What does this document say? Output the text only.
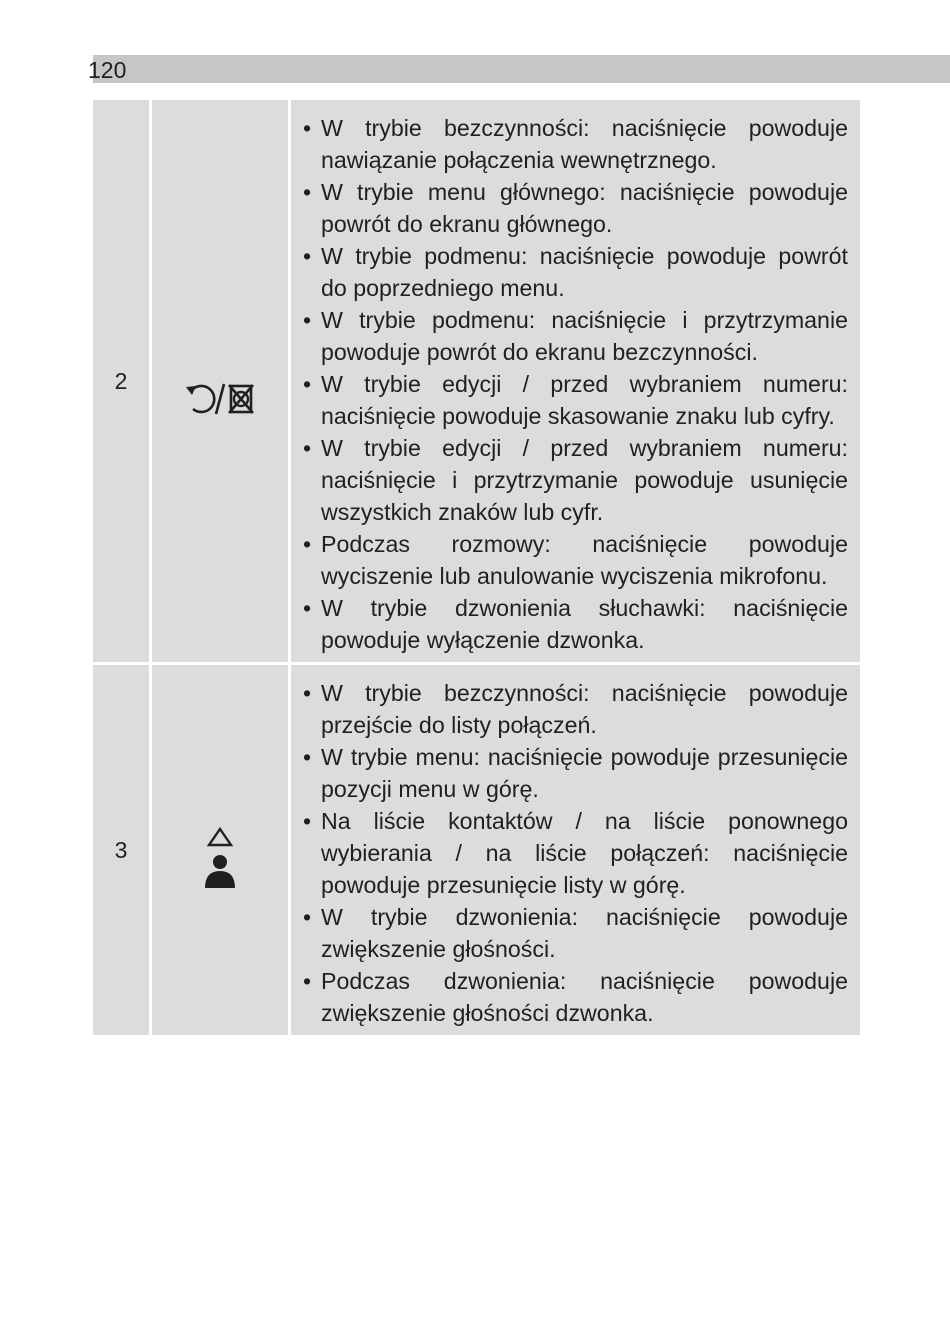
120
2
• W trybie bezczynności: naciśnięcie powoduje nawiązanie połączenia wewnętrznego.
• W trybie menu głównego: naciśnięcie powoduje powrót do ekranu głównego.
• W trybie podmenu: naciśnięcie powoduje powrót do poprzedniego menu.
• W trybie podmenu: naciśnięcie i przytrzymanie powoduje powrót do ekranu bezczynności.
• W trybie edycji / przed wybraniem numeru: naciśnięcie powoduje skasowanie znaku lub cyfry.
• W trybie edycji / przed wybraniem numeru: naciśnięcie i przytrzymanie powoduje usunięcie wszystkich znaków lub cyfr.
• Podczas rozmowy: naciśnięcie powoduje wyciszenie lub anulowanie wyciszenia mikrofonu.
• W trybie dzwonienia słuchawki: naciśnięcie powoduje wyłączenie dzwonka.
3
• W trybie bezczynności: naciśnięcie powoduje przejście do listy połączeń.
• W trybie menu: naciśnięcie powoduje przesunięcie pozycji menu w górę.
• Na liście kontaktów / na liście ponownego wybierania / na liście połączeń: naciśnięcie powoduje przesunięcie listy w górę.
• W trybie dzwonienia: naciśnięcie powoduje zwiększenie głośności.
• Podczas dzwonienia: naciśnięcie powoduje zwiększenie głośności dzwonka.
